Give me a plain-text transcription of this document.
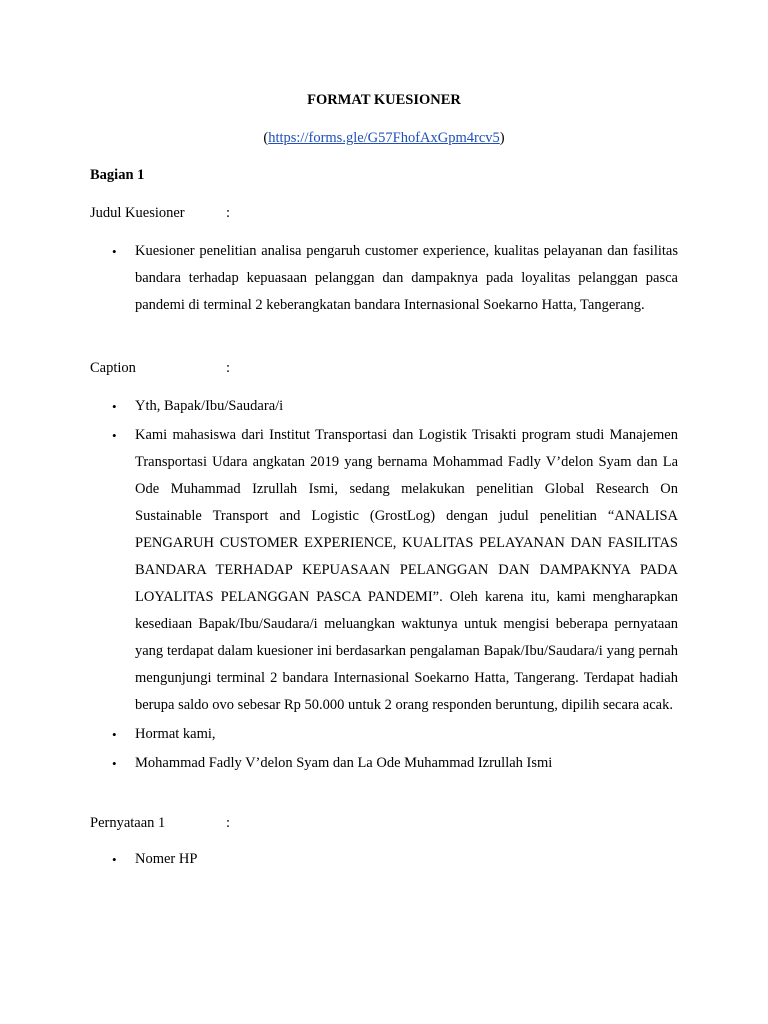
FORMAT KUESIONER
(https://forms.gle/G57FhofAxGpm4rcv5)
Bagian 1
Judul Kuesioner	:
• Kuesioner penelitian analisa pengaruh customer experience, kualitas pelayanan dan fasilitas bandara terhadap kepuasaan pelanggan dan dampaknya pada loyalitas pelanggan pasca pandemi di terminal 2 keberangkatan bandara Internasional Soekarno Hatta, Tangerang.
Caption	:
• Yth, Bapak/Ibu/Saudara/i
• Kami mahasiswa dari Institut Transportasi dan Logistik Trisakti program studi Manajemen Transportasi Udara angkatan 2019 yang bernama Mohammad Fadly V’delon Syam dan La Ode Muhammad Izrullah Ismi, sedang melakukan penelitian Global Research On Sustainable Transport and Logistic (GrostLog) dengan judul penelitian “ANALISA PENGARUH CUSTOMER EXPERIENCE, KUALITAS PELAYANAN DAN FASILITAS BANDARA TERHADAP KEPUASAAN PELANGGAN DAN DAMPAKNYA PADA LOYALITAS PELANGGAN PASCA PANDEMI”. Oleh karena itu, kami mengharapkan kesediaan Bapak/Ibu/Saudara/i meluangkan waktunya untuk mengisi beberapa pernyataan yang terdapat dalam kuesioner ini berdasarkan pengalaman Bapak/Ibu/Saudara/i yang pernah mengunjungi terminal 2 bandara Internasional Soekarno Hatta, Tangerang. Terdapat hadiah berupa saldo ovo sebesar Rp 50.000 untuk 2 orang responden beruntung, dipilih secara acak.
• Hormat kami,
• Mohammad Fadly V’delon Syam dan La Ode Muhammad Izrullah Ismi
Pernyataan 1	:
• Nomer HP
